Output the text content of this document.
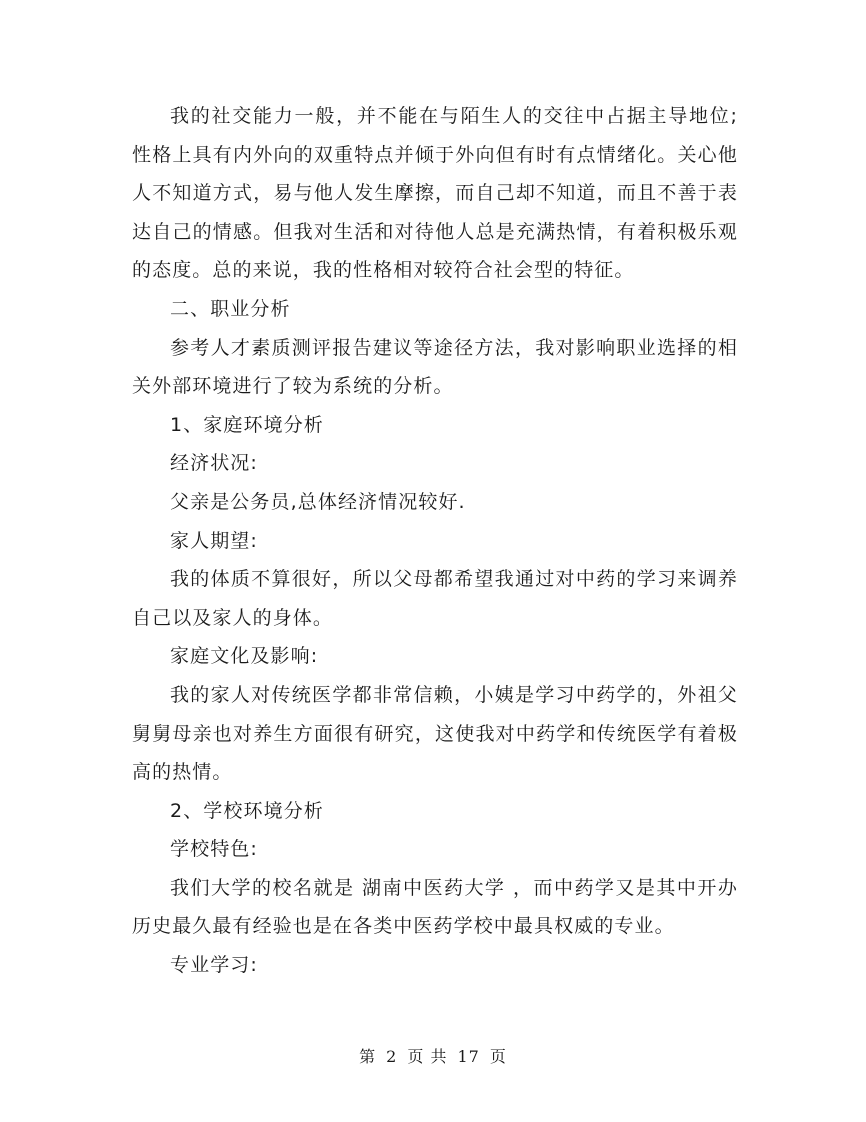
我的社交能力一般，并不能在与陌生人的交往中占据主导地位;性格上具有内外向的双重特点并倾于外向但有时有点情绪化。关心他人不知道方式，易与他人发生摩擦，而自己却不知道，而且不善于表达自己的情感。但我对生活和对待他人总是充满热情，有着积极乐观的态度。总的来说，我的性格相对较符合社会型的特征。

二、职业分析

参考人才素质测评报告建议等途径方法，我对影响职业选择的相关外部环境进行了较为系统的分析。

1、家庭环境分析

经济状况:

父亲是公务员,总体经济情况较好.

家人期望:

我的体质不算很好，所以父母都希望我通过对中药的学习来调养自己以及家人的身体。

家庭文化及影响:

我的家人对传统医学都非常信赖，小姨是学习中药学的，外祖父舅舅母亲也对养生方面很有研究，这使我对中药学和传统医学有着极高的热情。

2、学校环境分析

学校特色:

我们大学的校名就是 湖南中医药大学 ，而中药学又是其中开办历史最久最有经验也是在各类中医药学校中最具权威的专业。

专业学习:

第 2 页 共 17 页
